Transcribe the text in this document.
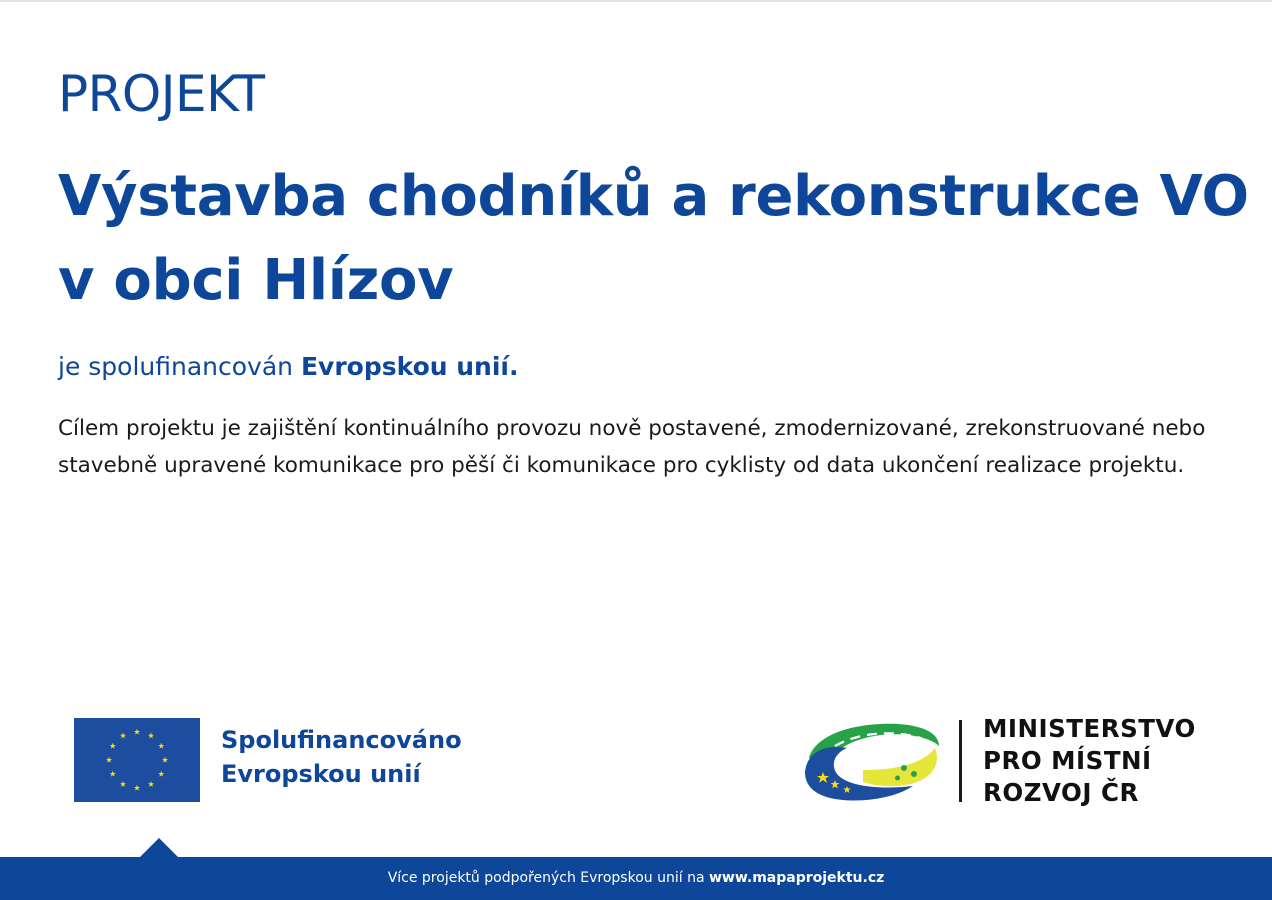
PROJEKT
Výstavba chodníků a rekonstrukce VO v obci Hlízov

je spolufinancován Evropskou unií.

Cílem projektu je zajištění kontinuálního provozu nově postavené, zmodernizované, zrekonstruované nebo stavebně upravené komunikace pro pěší či komunikace pro cyklisty od data ukončení realizace projektu.

Spolufinancováno
Evropskou unií
MINISTERSTVO
PRO MÍSTNÍ
ROZVOJ ČR
Více projektů podpořených Evropskou unií na www.mapaprojektu.cz
